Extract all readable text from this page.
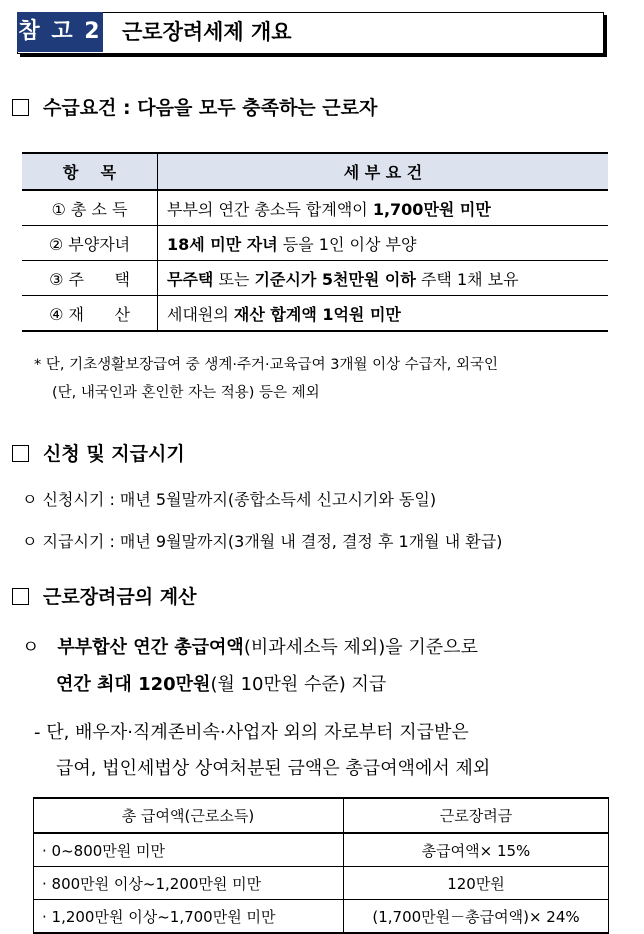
참 고 2 근로장려세제 개요
수급요건 : 다음을 모두 충족하는 근로자
항    목	세 부 요 건
① 총 소 득	부부의 연간 총소득 합계액이 1,700만원 미만
② 부양자녀	18세 미만 자녀 등을 1인 이상 부양
③ 주      택	무주택 또는 기준시가 5천만원 이하 주택 1채 보유
④ 재      산	세대원의 재산 합계액 1억원 미만
* 단, 기초생활보장급여 중 생계·주거·교육급여 3개월 이상 수급자, 외국인
(단, 내국인과 혼인한 자는 적용) 등은 제외
신청 및 지급시기
ㅇ 신청시기 : 매년 5월말까지(종합소득세 신고시기와 동일)
ㅇ 지급시기 : 매년 9월말까지(3개월 내 결정, 결정 후 1개월 내 환급)
근로장려금의 계산
ㅇ 부부합산 연간 총급여액(비과세소득 제외)을 기준으로
연간 최대 120만원(월 10만원 수준) 지급
- 단, 배우자·직계존비속·사업자 외의 자로부터 지급받은
급여, 법인세법상 상여처분된 금액은 총급여액에서 제외
총 급여액(근로소득)	근로장려금
· 0~800만원 미만	총급여액× 15%
· 800만원 이상~1,200만원 미만	120만원
· 1,200만원 이상~1,700만원 미만	(1,700만원－총급여액)× 24%
